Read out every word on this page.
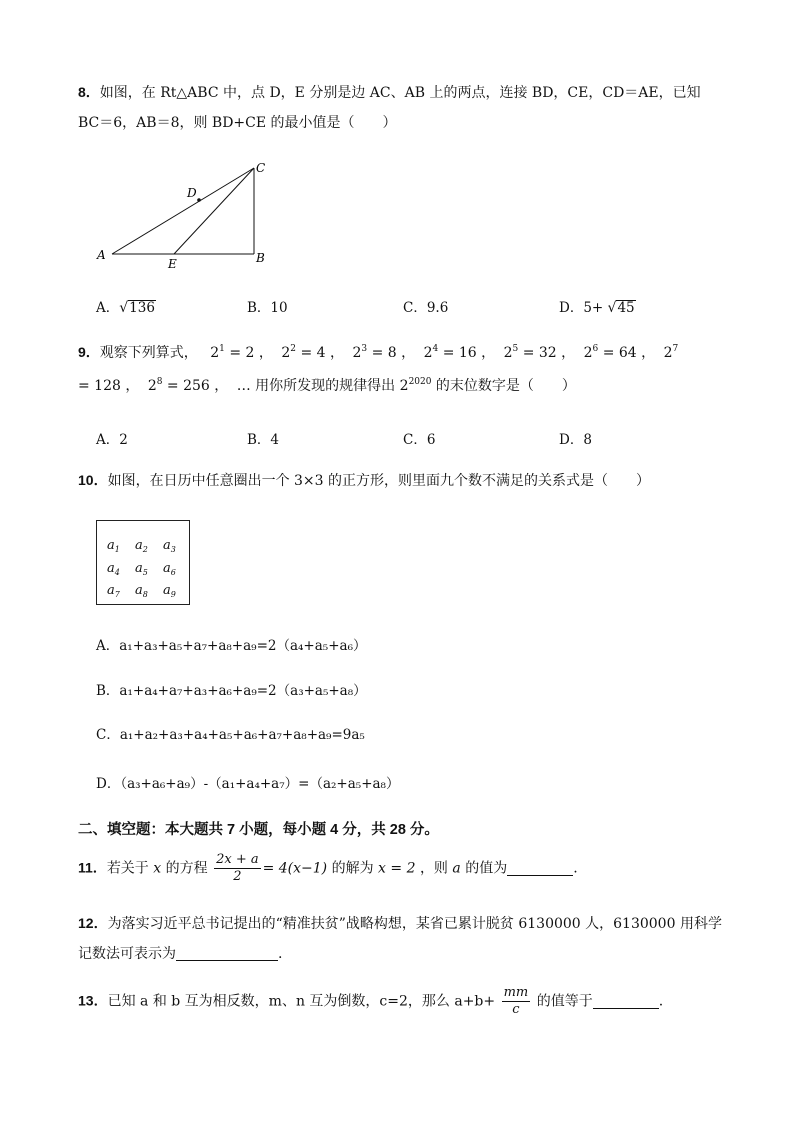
8．如图，在 Rt△ABC 中，点 D，E 分别是边 AC、AB 上的两点，连接 BD，CE，CD＝AE，已知
BC＝6，AB＝8，则 BD+CE 的最小值是（　　）
A	B
C
D
E
A．√136	B．10	C．9.6	D．5+ √45
9．观察下列算式， $2^1 = 2$ ， $2^2 = 4$ ， $2^3 = 8$ ， $2^4 = 16$ ， $2^5 = 32$ ， $2^6 = 64$ ， $2^7$
= 128 ， $2^8 = 256$ ， … 用你所发现的规律得出 $2^{2020}$ 的末位数字是（　　）
A．2	B．4	C．6	D．8
10．如图，在日历中任意圈出一个 3×3 的正方形，则里面九个数不满足的关系式是（　　）
$a_1$ $a_2$ $a_3$
$a_4$ $a_5$ $a_6$
$a_7$ $a_8$ $a_9$
A．a₁+a₃+a₅+a₇+a₈+a₉=2（a₄+a₅+a₆）
B．a₁+a₄+a₇+a₃+a₆+a₉=2（a₃+a₅+a₈）
C．a₁+a₂+a₃+a₄+a₅+a₆+a₇+a₈+a₉=9a₅
D．（a₃+a₆+a₉）-（a₁+a₄+a₇）=（a₂+a₅+a₈）
二、填空题：本大题共 7 小题，每小题 4 分，共 28 分。
11．若关于 x 的方程 $\frac{2x + a}{2} = 4(x-1)$ 的解为 x = 2 ，则 a 的值为	.
12．为落实习近平总书记提出的“精准扶贫”战略构想，某省已累计脱贫 6130000 人，6130000 用科学
记数法可表示为	.
13．已知 a 和 b 互为相反数，m、n 互为倒数，c=2，那么 $a+b+ \frac{mm}{c}$ 的值等于	.
